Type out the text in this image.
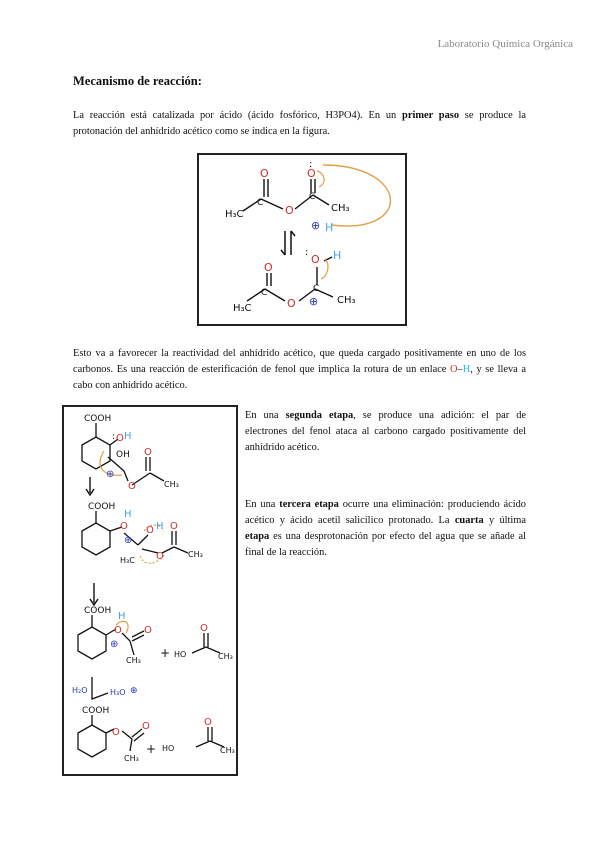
Laboratorio Química Orgánica
Mecanismo de reacción:
La reacción está catalizada por ácido (ácido fosfórico, H3PO4). En un primer paso se produce la protonación del anhídrido acético como se indica en la figura.
H₃C
O
C
O
O
:
C
CH₃
⊕ H
H₃C
O
C
O
O
: H
C
⊕ CH₃
Esto va a favorecer la reactividad del anhídrido acético, que queda cargado positivamente en uno de los carbonos. Es una reacción de esterificación de fenol que implica la rotura de un enlace O–H, y se lleva a cabo con anhídrido acético.
COOH
: O H
OH
⊕
O
O
CH₃
COOH
O
H
⊕
O H
H₃C O
O
CH₃
COOH
O
H
⊕
O
CH₃
+ HO
O
CH₃
H₂O	H₃O ⊕
COOH
O
O
CH₃
+ HO
O
CH₃
En una segunda etapa, se produce una adición: el par de electrones del fenol ataca al carbono cargado positivamente del anhídrido acético.
En una tercera etapa ocurre una eliminación: produciendo ácido acético y ácido acetil salicílico protonado. La cuarta y última etapa es una desprotonación por efecto del agua que se añade al final de la reacción.
